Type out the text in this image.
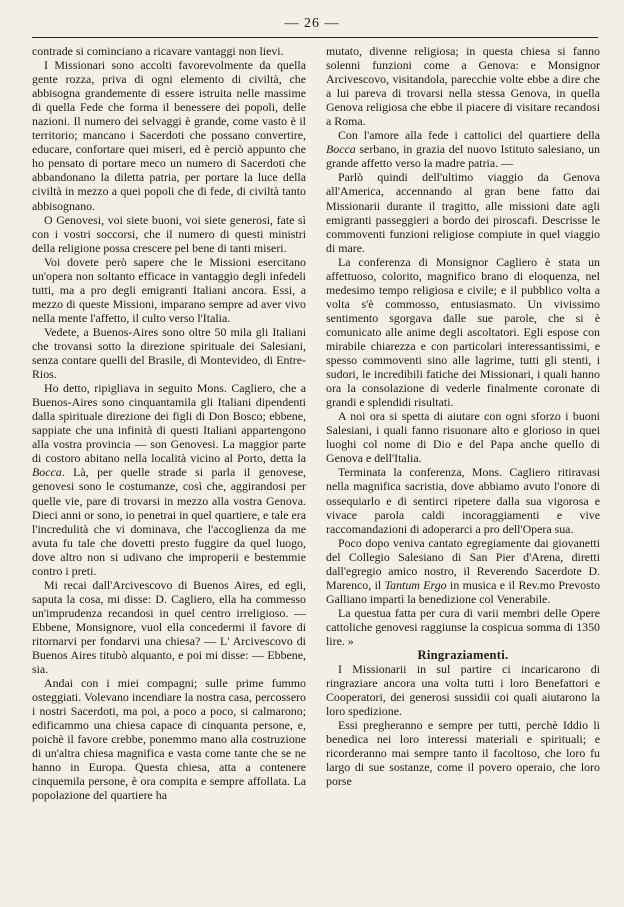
— 26 —

contrade si cominciano a ricavare vantaggi non lievi.

I Missionari sono accolti favorevolmente da quella gente rozza, priva di ogni elemento di civiltà, che abbisogna grandemente di essere istruita nelle massime di quella Fede che forma il benessere dei popoli, delle nazioni. Il numero dei selvaggi è grande, come vasto è il territorio; mancano i Sacerdoti che possano convertire, educare, confortare quei miseri, ed è perciò appunto che ho pensato di portare meco un numero di Sacerdoti che abbandonano la diletta patria, per portare la luce della civiltà in mezzo a quei popoli che di fede, di civiltà tanto abbisognano.

O Genovesi, voi siete buoni, voi siete generosi, fate sì con i vostri soccorsi, che il numero di questi ministri della religione possa crescere pel bene di tanti miseri.

Voi dovete però sapere che le Missioni esercitano un'opera non soltanto efficace in vantaggio degli infedeli tutti, ma a pro degli emigranti Italiani ancora. Essi, a mezzo di queste Missioni, imparano sempre ad aver vivo nella mente l'affetto, il culto verso l'Italia.

Vedete, a Buenos-Aires sono oltre 50 mila gli Italiani che trovansi sotto la direzione spirituale dei Salesiani, senza contare quelli del Brasile, di Montevideo, di Entre-Rios.

Ho detto, ripigliava in seguito Mons. Cagliero, che a Buenos-Aires sono cinquantamila gli Italiani dipendenti dalla spirituale direzione dei figli di Don Bosco; ebbene, sappiate che una infinità di questi Italiani appartengono alla vostra provincia — son Genovesi. La maggior parte di costoro abitano nella località vicino al Porto, detta la Bocca. Là, per quelle strade si parla il genovese, genovesi sono le costumanze, così che, aggirandosi per quelle vie, pare di trovarsi in mezzo alla vostra Genova. Dieci anni or sono, io penetrai in quel quartiere, e tale era l'incredulità che vi dominava, che l'accoglienza da me avuta fu tale che dovetti presto fuggire da quel luogo, dove altro non si udivano che improperii e bestemmie contro i preti.

Mi recai dall'Arcivescovo di Buenos Aires, ed egli, saputa la cosa, mi disse: D. Cagliero, ella ha commesso un'imprudenza recandosi in quel centro irreligioso. — Ebbene, Monsignore, vuol ella concedermi il favore di ritornarvi per fondarvi una chiesa? — L' Arcivescovo di Buenos Aires titubò alquanto, e poi mi disse: — Ebbene, sia.

Andai con i miei compagni; sulle prime fummo osteggiati. Volevano incendiare la nostra casa, percossero i nostri Sacerdoti, ma poi, a poco a poco, si calmarono; edificammo una chiesa capace di cinquanta persone, e, poichè il favore crebbe, ponemmo mano alla costruzione di un'altra chiesa magnifica e vasta come tante che se ne hanno in Europa. Questa chiesa, atta a contenere cinquemila persone, è ora compita e sempre affollata. La popolazione del quartiere ha

mutato, divenne religiosa; in questa chiesa si fanno solenni funzioni come a Genova: e Monsignor Arcivescovo, visitandola, parecchie volte ebbe a dire che a lui pareva di trovarsi nella stessa Genova, in quella Genova religiosa che ebbe il piacere di visitare recandosi a Roma.

Con l'amore alla fede i cattolici del quartiere della Bocca serbano, in grazia del nuovo Istituto salesiano, un grande affetto verso la madre patria. —

Parlò quindi dell'ultimo viaggio da Genova all'America, accennando al gran bene fatto dai Missionarii durante il tragitto, alle missioni date agli emigranti passeggieri a bordo dei piroscafi. Descrisse le commoventi funzioni religiose compiute in quel viaggio di mare.

La conferenza di Monsignor Cagliero è stata un affettuoso, colorito, magnifico brano di eloquenza, nel medesimo tempo religiosa e civile; e il pubblico volta a volta s'è commosso, entusiasmato. Un vivissimo sentimento sgorgava dalle sue parole, che si è comunicato alle anime degli ascoltatori. Egli espose con mirabile chiarezza e con particolari interessantissimi, e spesso commoventi sino alle lagrime, tutti gli stenti, i sudori, le incredibili fatiche dei Missionari, i quali hanno ora la consolazione di vederle finalmente coronate di grandi e splendidi risultati.

A noi ora si spetta di aiutare con ogni sforzo i buoni Salesiani, i quali fanno risuonare alto e glorioso in quei luoghi col nome di Dio e del Papa anche quello di Genova e dell'Italia.

Terminata la conferenza, Mons. Cagliero ritiravasi nella magnifica sacristia, dove abbiamo avuto l'onore di ossequiarlo e di sentirci ripetere dalla sua vigorosa e vivace parola caldi incoraggiamenti e vive raccomandazioni di adoperarci a pro dell'Opera sua.

Poco dopo veniva cantato egregiamente dai giovanetti del Collegio Salesiano di San Pier d'Arena, diretti dall'egregio amico nostro, il Reverendo Sacerdote D. Marenco, il Tantum Ergo in musica e il Rev.mo Prevosto Galliano impartì la benedizione col Venerabile.

La questua fatta per cura di varii membri delle Opere cattoliche genovesi raggiunse la cospicua somma di 1350 lire. »

Ringraziamenti.

I Missionarii in sul partire ci incaricarono di ringraziare ancora una volta tutti i loro Benefattori e Cooperatori, dei generosi sussidii coi quali aiutarono la loro spedizione.

Essi pregheranno e sempre per tutti, perchè Iddio li benedica nei loro interessi materiali e spirituali; e ricorderanno mai sempre tanto il facoltoso, che loro fu largo di sue sostanze, come il povero operaio, che loro porse
